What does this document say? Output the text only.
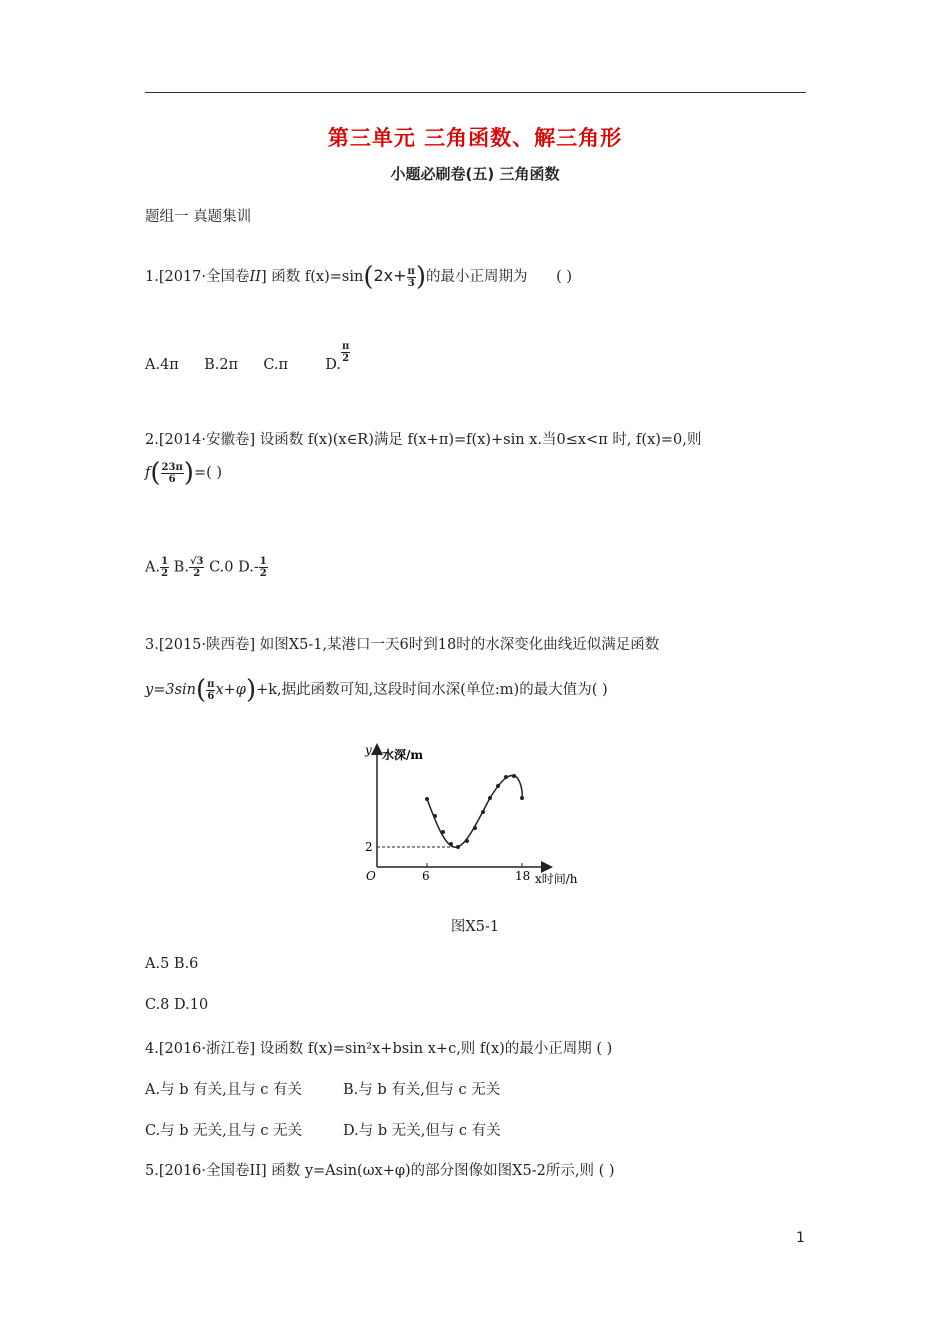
第三单元 三角函数、解三角形
小题必刷卷(五) 三角函数
题组一 真题集训
1.[2017·全国卷II] 函数 $f(x)=\sin(2x+ \frac{\pi}{3}$ )的最小正周期为 ( )
A.4π B.2π C.π	D.
$\frac{\pi}{2}$
2.[2014·安徽卷] 设函数 f(x)(x∈R)满足 f(x+π)=f(x)+sin x.当0≤x<π 时, f(x)=0,则
$f( \frac{23\pi}{6}$ )=( )
A. $\frac{1}{2} B$. $\frac{√3}{2} C.0$ $D.- \frac{1}{2}$
3.[2015·陕西卷] 如图X5-1,某港口一天6时到18时的水深变化曲线近似满足函数
$y=3\sin( \frac{\pi}{6} x+\varphi)+k$,据此函数可知,这段时间水深(单位:m)的最大值为( )
y 水深/m
O
2
6	18 x时间/h
图X5-1
A.5 B.6
C.8 D.10
4.[2016·浙江卷] 设函数 f(x)=sin²x+bsin x+c,则 f(x)的最小正周期 ( )
A.与 b 有关,且与 c 有关	B.与 b 有关,但与 c 无关
C.与 b 无关,且与 c 无关	D.与 b 无关,但与 c 有关
5.[2016·全国卷II] 函数 y=Asin(ωx+φ)的部分图像如图X5-2所示,则 ( )
1
